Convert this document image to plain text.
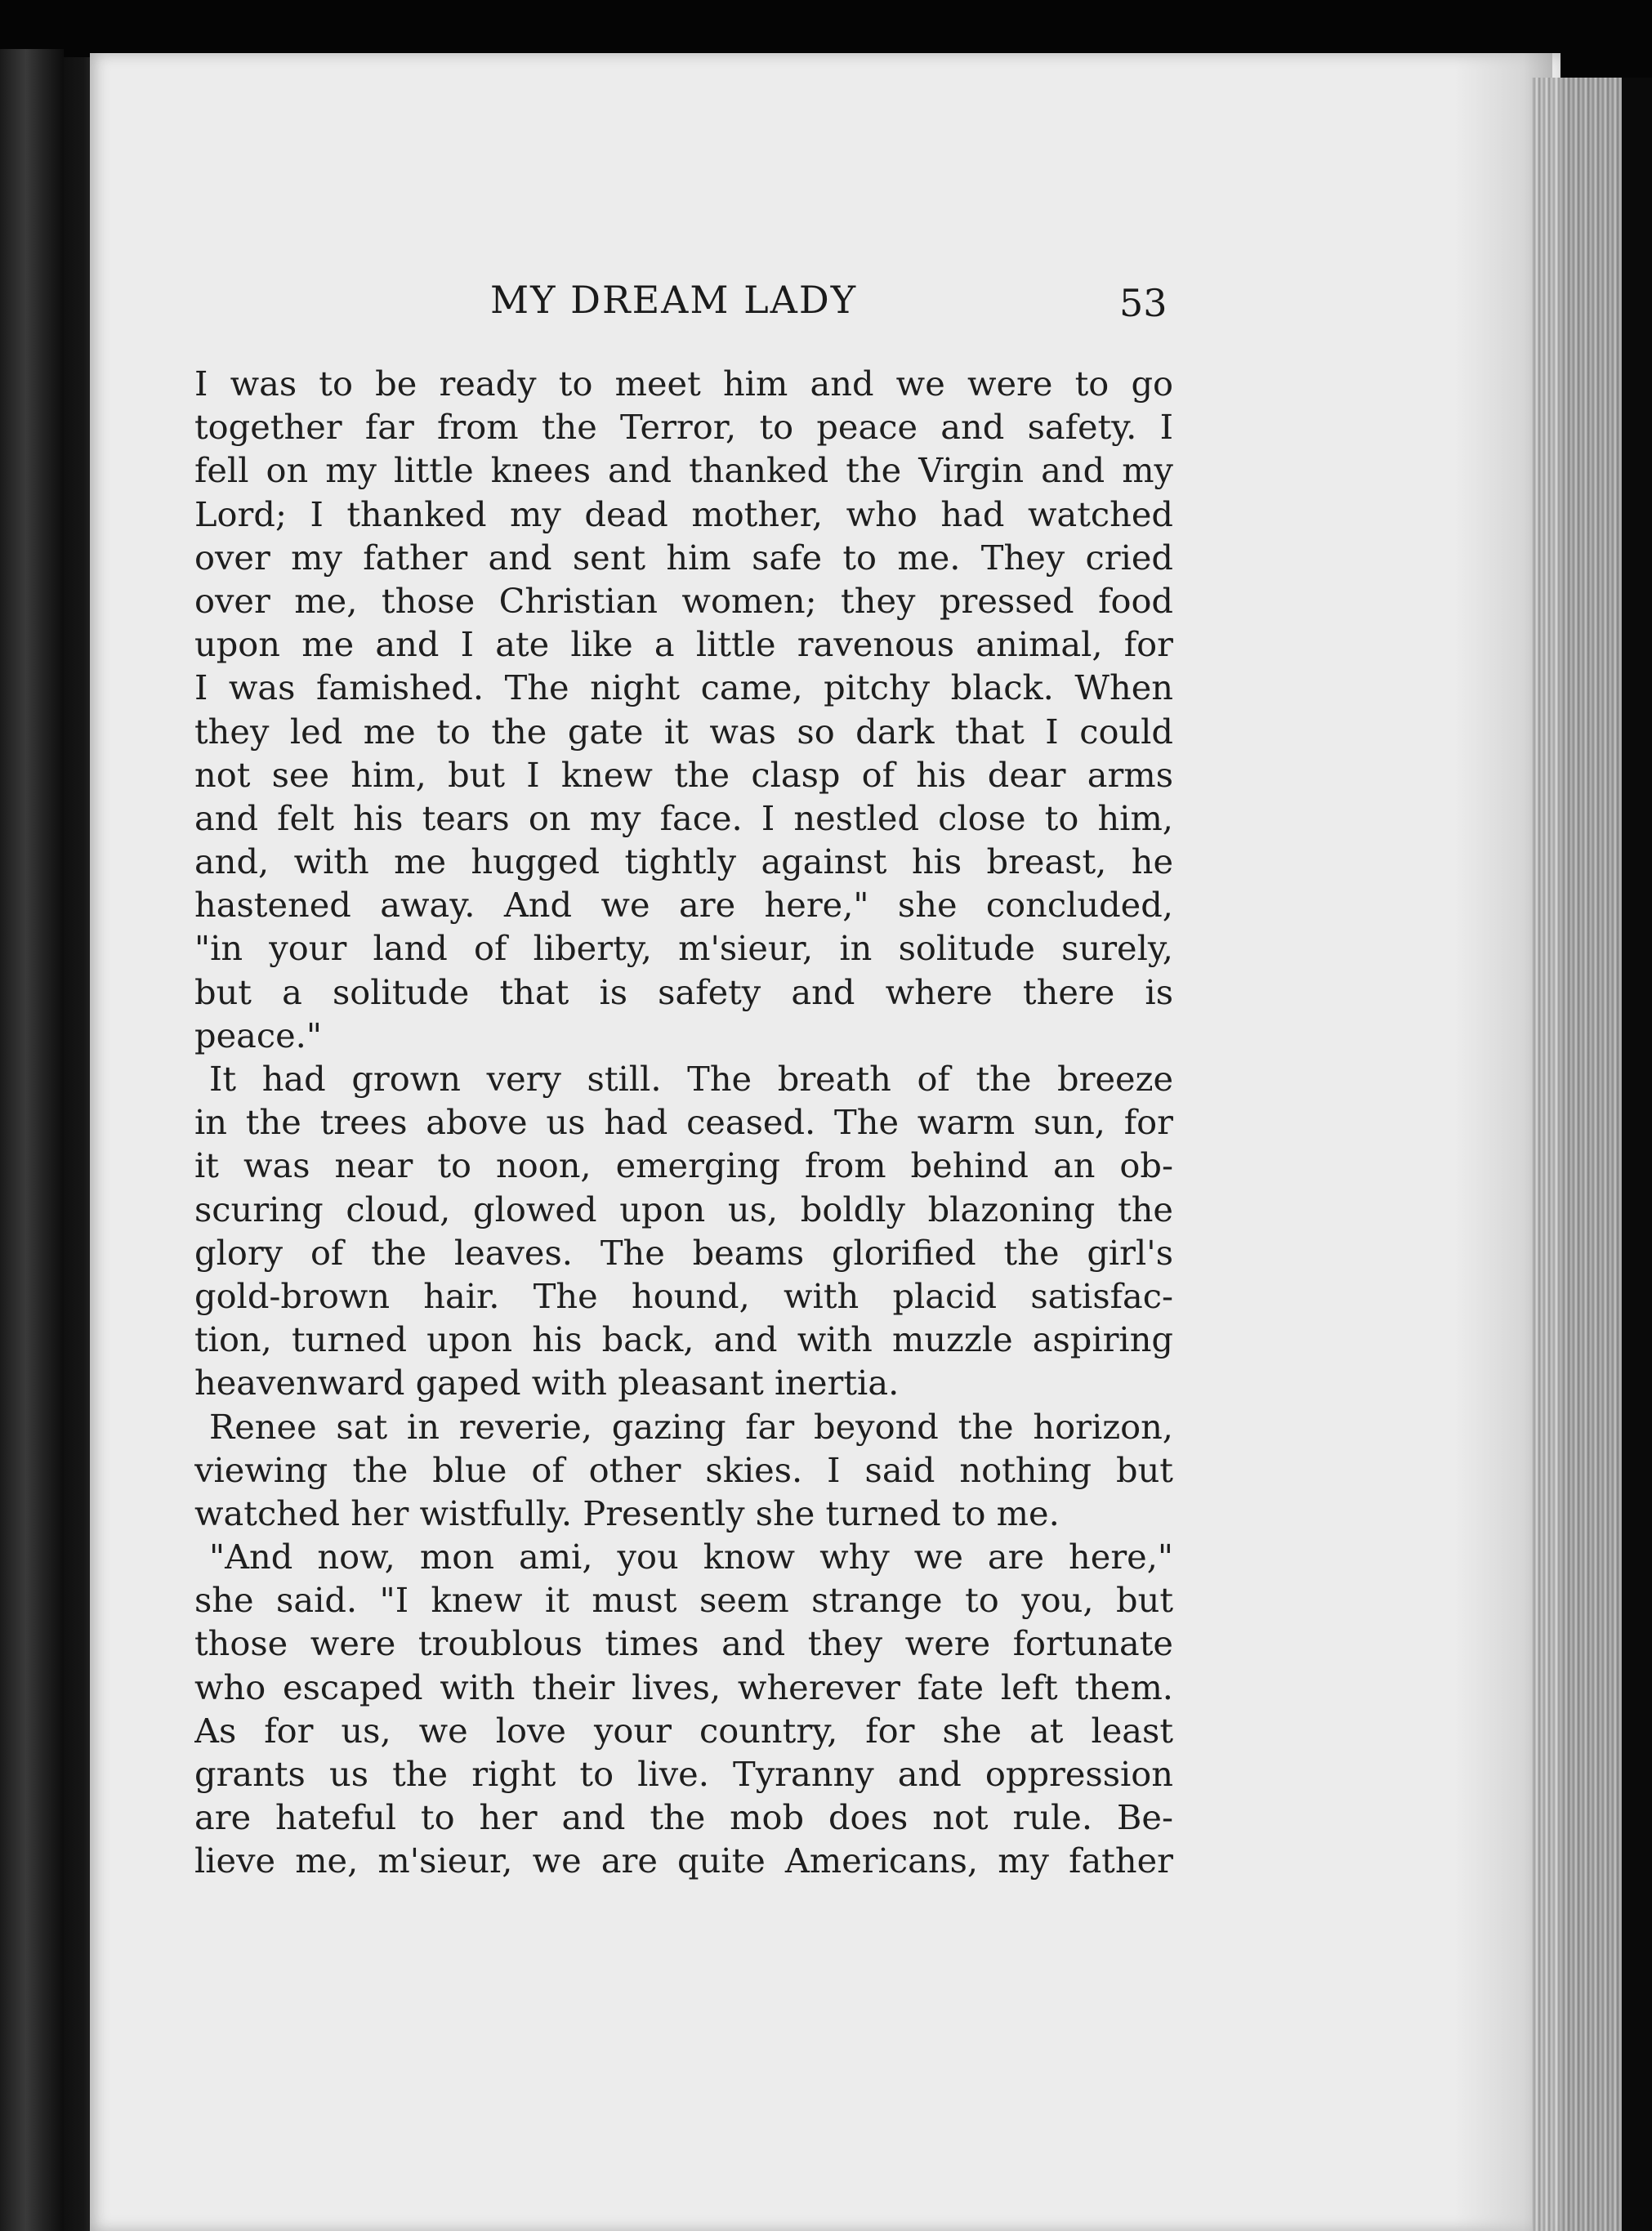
MY DREAM LADY	53
I was to be ready to meet him and we were to go
together far from the Terror, to peace and safety. I
fell on my little knees and thanked the Virgin and my
Lord; I thanked my dead mother, who had watched
over my father and sent him safe to me. They cried
over me, those Christian women; they pressed food
upon me and I ate like a little ravenous animal, for
I was famished. The night came, pitchy black. When
they led me to the gate it was so dark that I could
not see him, but I knew the clasp of his dear arms
and felt his tears on my face. I nestled close to him,
and, with me hugged tightly against his breast, he
hastened away. And we are here," she concluded,
"in your land of liberty, m'sieur, in solitude surely,
but a solitude that is safety and where there is
peace."
It had grown very still. The breath of the breeze
in the trees above us had ceased. The warm sun, for
it was near to noon, emerging from behind an ob-
scuring cloud, glowed upon us, boldly blazoning the
glory of the leaves. The beams glorified the girl's
gold-brown hair. The hound, with placid satisfac-
tion, turned upon his back, and with muzzle aspiring
heavenward gaped with pleasant inertia.
Renee sat in reverie, gazing far beyond the horizon,
viewing the blue of other skies. I said nothing but
watched her wistfully. Presently she turned to me.
"And now, mon ami, you know why we are here,"
she said. "I knew it must seem strange to you, but
those were troublous times and they were fortunate
who escaped with their lives, wherever fate left them.
As for us, we love your country, for she at least
grants us the right to live. Tyranny and oppression
are hateful to her and the mob does not rule. Be-
lieve me, m'sieur, we are quite Americans, my father
